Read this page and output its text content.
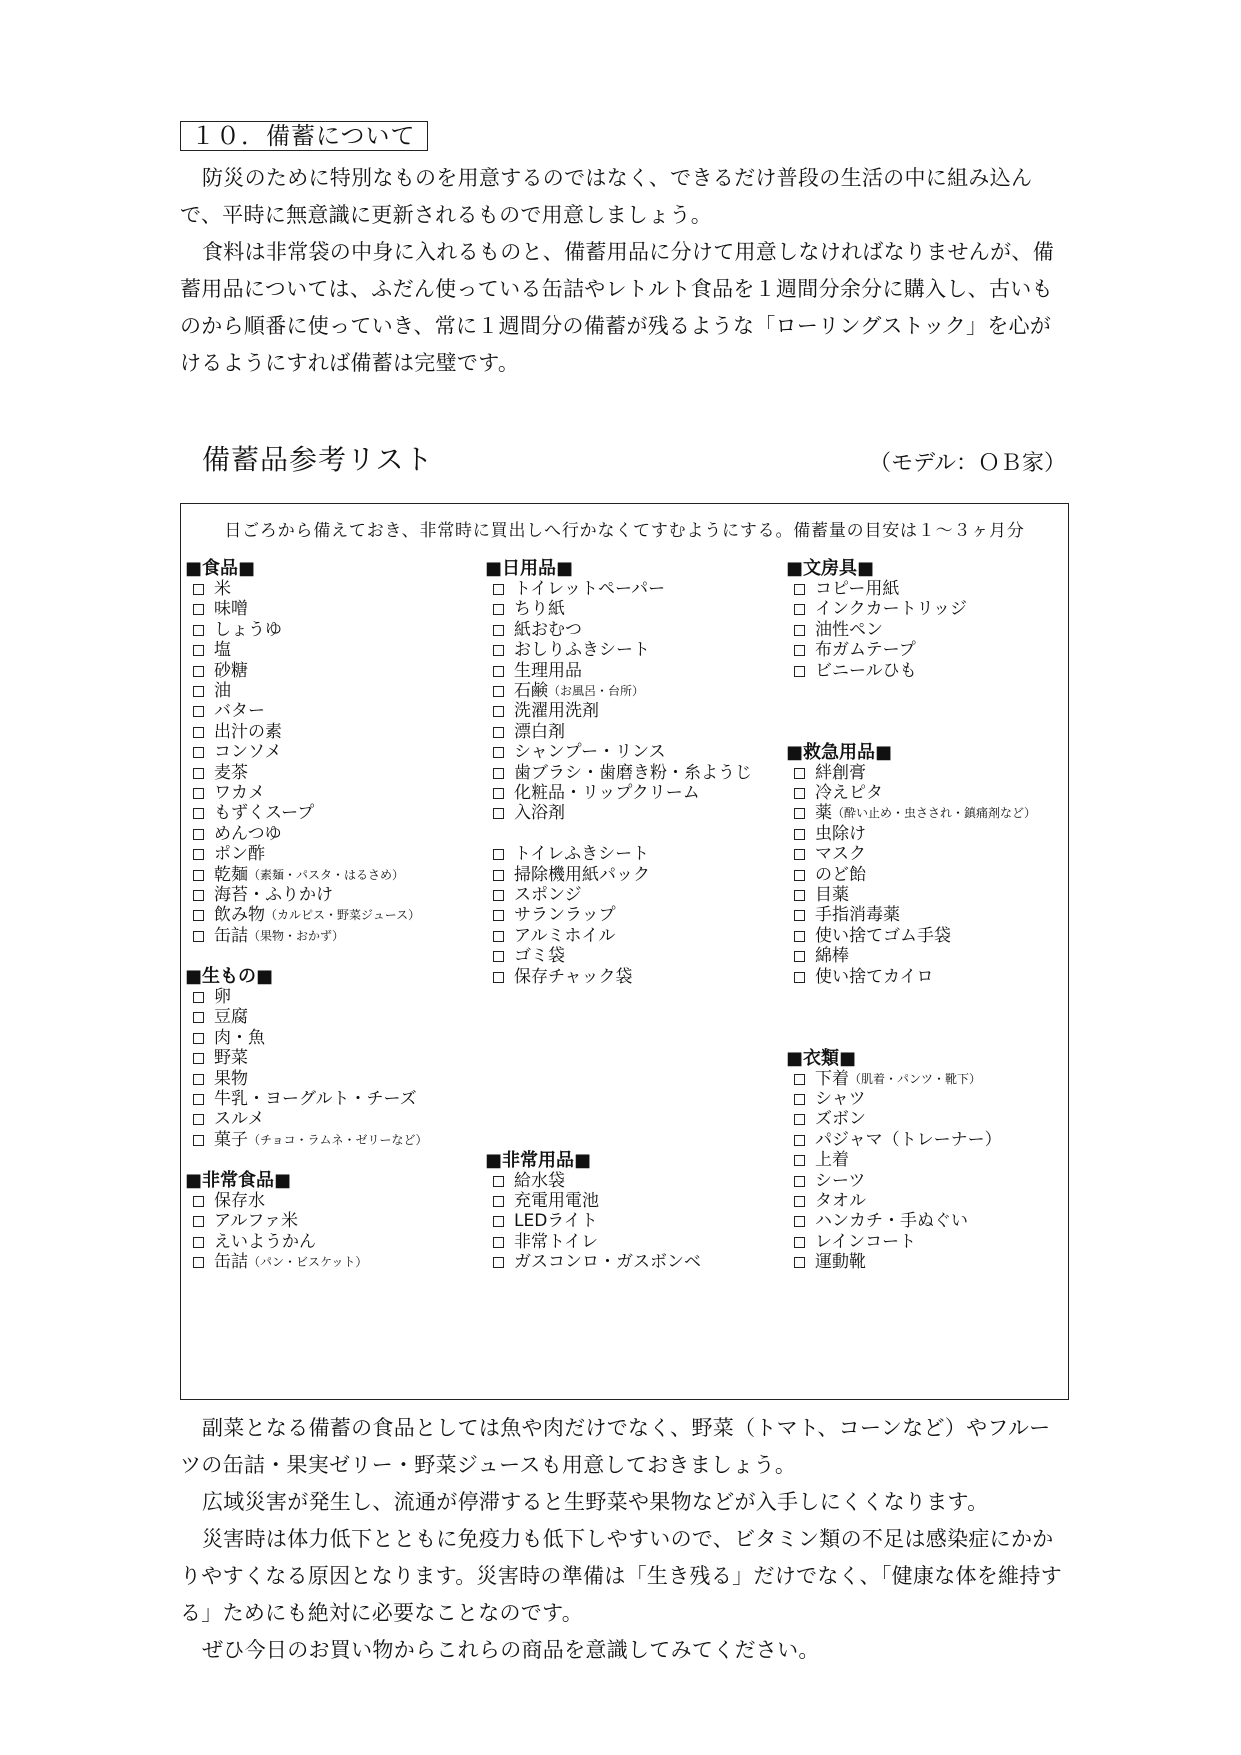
１０．備蓄について

防災のために特別なものを用意するのではなく、できるだけ普段の生活の中に組み込んで、平時に無意識に更新されるもので用意しましょう。

食料は非常袋の中身に入れるものと、備蓄用品に分けて用意しなければなりませんが、備蓄用品については、ふだん使っている缶詰やレトルト食品を１週間分余分に購入し、古いものから順番に使っていき、常に１週間分の備蓄が残るような「ローリングストック」を心がけるようにすれば備蓄は完璧です。

備蓄品参考リスト	（モデル：ＯＢ家）
日ごろから備えておき、非常時に買出しへ行かなくてすむようにする。備蓄量の目安は１～３ヶ月分
■食品■
米
味噌
しょうゆ
塩
砂糖
油
バター
出汁の素
コンソメ
麦茶
ワカメ
もずくスープ
めんつゆ
ポン酢
乾麺 （素麺・パスタ・はるさめ）
海苔・ふりかけ
飲み物 （カルピス・野菜ジュース）
缶詰 （果物・おかず）
■生もの■
卵
豆腐
肉・魚
野菜
果物
牛乳・ヨーグルト・チーズ
スルメ
菓子 （チョコ・ラムネ・ゼリーなど）
■非常食品■
保存水
アルファ米
えいようかん
缶詰 （パン・ビスケット）
■日用品■
トイレットペーパー
ちり紙
紙おむつ
おしりふきシート
生理用品
石鹸 （お風呂・台所）
洗濯用洗剤
漂白剤
シャンプー・リンス
歯ブラシ・歯磨き粉・糸ようじ
化粧品・リップクリーム
入浴剤
トイレふきシート
掃除機用紙パック
スポンジ
サランラップ
アルミホイル
ゴミ袋
保存チャック袋
■非常用品■
給水袋
充電用電池
LEDライト
非常トイレ
ガスコンロ・ガスボンベ
■文房具■
コピー用紙
インクカートリッジ
油性ペン
布ガムテープ
ビニールひも
■救急用品■
絆創膏
冷えピタ
薬 （酔い止め・虫さされ・鎮痛剤など）
虫除け
マスク
のど飴
目薬
手指消毒薬
使い捨てゴム手袋
綿棒
使い捨てカイロ
■衣類■
下着 （肌着・パンツ・靴下）
シャツ
ズボン
パジャマ（トレーナー）
上着
シーツ
タオル
ハンカチ・手ぬぐい
レインコート
運動靴

副菜となる備蓄の食品としては魚や肉だけでなく、野菜（トマト、コーンなど）やフルーツの缶詰・果実ゼリー・野菜ジュースも用意しておきましょう。

広域災害が発生し、流通が停滞すると生野菜や果物などが入手しにくくなります。

災害時は体力低下とともに免疫力も低下しやすいので、ビタミン類の不足は感染症にかかりやすくなる原因となります。災害時の準備は「生き残る」だけでなく、「健康な体を維持する」ためにも絶対に必要なことなのです。

ぜひ今日のお買い物からこれらの商品を意識してみてください。
